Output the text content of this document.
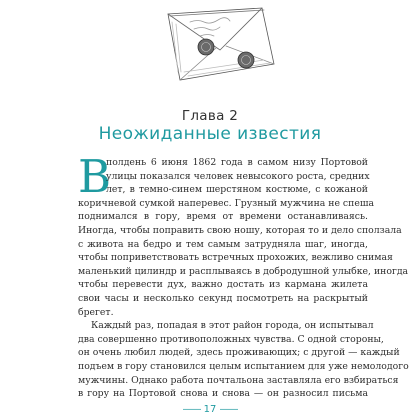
Глава 2
Неожиданные известия
В
полдень 6 июня 1862 года в самом низу Портовой
улицы показался человек невысокого роста, средних
лет, в темно-синем шерстяном костюме, с кожаной
коричневой сумкой наперевес. Грузный мужчина не спеша
поднимался в гору, время от времени останавливаясь.
Иногда, чтобы поправить свою ношу, которая то и дело сползала
с живота на бедро и тем самым затрудняла шаг, иногда,
чтобы поприветствовать встречных прохожих, вежливо снимая
маленький цилиндр и расплываясь в добродушной улыбке, иногда
чтобы перевести дух, важно достать из кармана жилета
свои часы и несколько секунд посмотреть на раскрытый
брегет.
Каждый раз, попадая в этот район города, он испытывал
два совершенно противоположных чувства. С одной стороны,
он очень любил людей, здесь проживающих; с другой — каждый
подъем в гору становился целым испытанием для уже немолодого
мужчины. Однако работа почтальона заставляла его взбираться
в гору на Портовой снова и снова — он разносил письма
—— 17 ——
